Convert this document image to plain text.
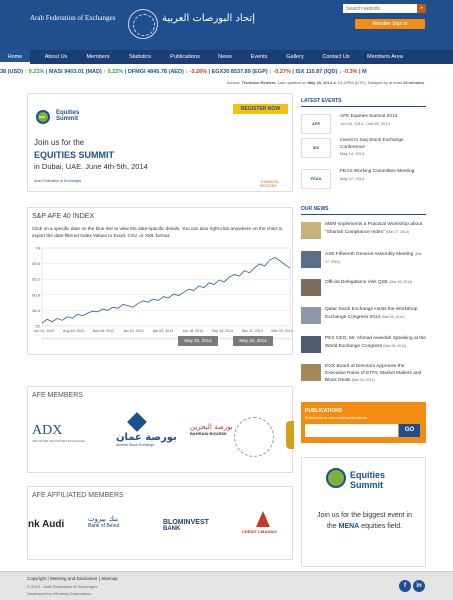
Arab Federation of Exchanges	إتحاد البورصات العربية
Search website
»
Member Sign in
Home	About Us	Members	Statistics	Publications	News	Events	Gallery	Contact Us	Members Area
38 (USD) ↑ 0.21% | MASI 9403.01 (MAD) ↑ 0.22% | DFMGI 4845.78 (AED) ↓ -3.26% | EGX30 8537.89 (EGP) ↓ -0.27% | ISX 110.87 (IQD) ↓ -0.3% | M
Source: Thomson Reuters. Last updated on May 20, 2014 at 13:12PM (UTC). Delayed by at least 15 minutes.
AFE
Equities Summit
REGISTER NOW
Join us for the
EQUITIES SUMMIT
in Dubai, UAE. June 4th-5th, 2014
Arab Federation of Exchanges	THOMSON REUTERS
S&P AFE 40 INDEX
Click on a specific date on the blue line to view the date-specific details. You can also right-click anywhere on the chart to export the date-filtered Index Values to Excel, CSV, or XML format.
52
56.4
60.8
65.2
69.6
74
Jun 02, 2012 Aug 16, 2012 Nov 05, 2012 Jan 19, 2013	Apr 04, 2013	Jun 18, 2013 Sep 13, 2013 Dec 11, 2013 Mar 09, 2014
May 30, 2012	May 16, 2014
LATEST EVENTS
AFE
AFE Equities Summit 2014
Jun 04, 2014 - Jun 05, 2014
ISX
Invest In Iraq Stock Exchange Conference
May 14, 2014
FEAS
FEAS Working Committee Meeting
May 07, 2014
OUR NEWS
MSM Implements a Practical Workshop about "Shariah Compliance Index" (Mar 27, 2014)
ASE Fifteenth General Assembly Meeting (Mar 27, 2014)
Official Delegations Visit QSE (Mar 26, 2014)
Qatar Stock Exchange Hosts the Workshop Exchange Congress 2014 (Mar 26, 2014)
PEX CEO, Mr. Ahmad Aweidah Speaking at the World Exchange Congress (Mar 26, 2014)
EGX Board of Directors Approves the Executive Rules of ETFs, Market Makers and Block Deals (Mar 24, 2014)
PUBLICATIONS
Subscribe to our email publications
GO
Equities Summit
Join us for the biggest event in the MENA equities field.
AFE MEMBERS
ADX
ABU DHABI SECURITIES EXCHANGE	بورصة عمان
Amman Stock Exchange
بورصة البحرين
BAHRAIN BOURSE
AFE AFFILIATED MEMBERS
nk Audi	بنك بيروت
Bank of Beirut	BLOMINVEST
BANK	CRÉDIT LIBANAIS
Copyright | Warning and Disclaimer | Sitemap
© 2013 - Arab Federation of Exchanges
Developed by eSharing Corporation
f	in
